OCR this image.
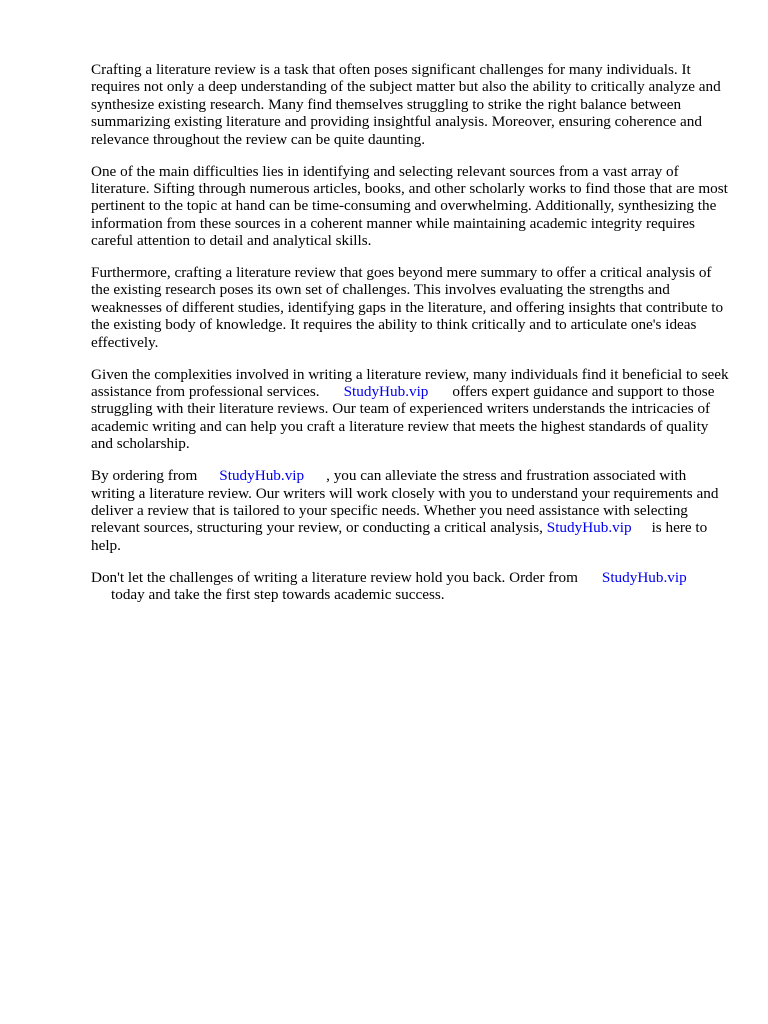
Crafting a literature review is a task that often poses significant challenges for many individuals. It requires not only a deep understanding of the subject matter but also the ability to critically analyze and synthesize existing research. Many find themselves struggling to strike the right balance between summarizing existing literature and providing insightful analysis. Moreover, ensuring coherence and relevance throughout the review can be quite daunting.

One of the main difficulties lies in identifying and selecting relevant sources from a vast array of literature. Sifting through numerous articles, books, and other scholarly works to find those that are most pertinent to the topic at hand can be time-consuming and overwhelming. Additionally, synthesizing the information from these sources in a coherent manner while maintaining academic integrity requires careful attention to detail and analytical skills.

Furthermore, crafting a literature review that goes beyond mere summary to offer a critical analysis of the existing research poses its own set of challenges. This involves evaluating the strengths and weaknesses of different studies, identifying gaps in the literature, and offering insights that contribute to the existing body of knowledge. It requires the ability to think critically and to articulate one's ideas effectively.

Given the complexities involved in writing a literature review, many individuals find it beneficial to seek assistance from professional services. StudyHub.vip offers expert guidance and support to those struggling with their literature reviews. Our team of experienced writers understands the intricacies of academic writing and can help you craft a literature review that meets the highest standards of quality and scholarship.

By ordering from StudyHub.vip , you can alleviate the stress and frustration associated with writing a literature review. Our writers will work closely with you to understand your requirements and deliver a review that is tailored to your specific needs. Whether you need assistance with selecting relevant sources, structuring your review, or conducting a critical analysis, StudyHub.vip is here to help.

Don't let the challenges of writing a literature review hold you back. Order from StudyHub.vip
today and take the first step towards academic success.
